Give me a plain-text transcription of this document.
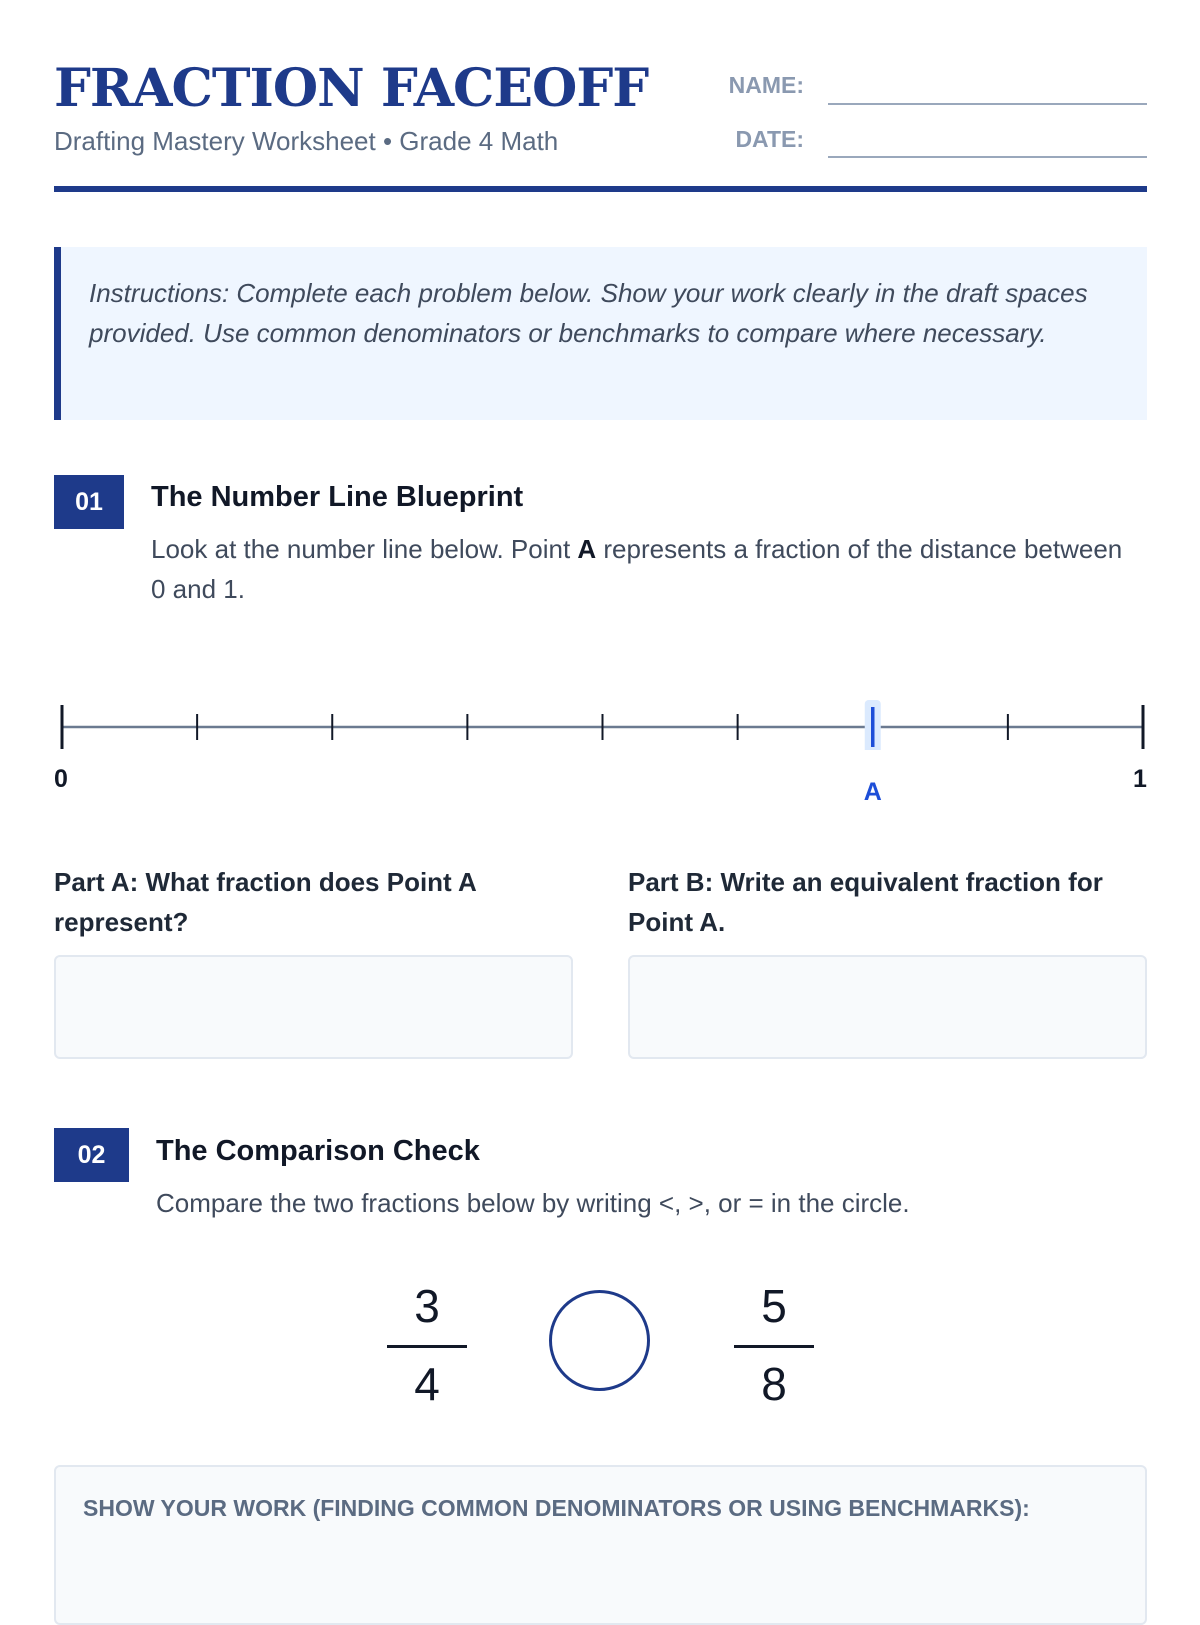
FRACTION FACEOFF
Drafting Mastery Worksheet • Grade 4 Math
NAME:
DATE:
Instructions: Complete each problem below. Show your work clearly in the draft spaces provided. Use common denominators or benchmarks to compare where necessary.
01	The Number Line Blueprint
Look at the number line below. Point A represents a fraction of the distance between 0 and 1.
0	1
A
Part A: What fraction does Point A represent?
Part B: Write an equivalent fraction for Point A.
02	The Comparison Check
Compare the two fractions below by writing <, >, or = in the circle.
3
4
5
8
SHOW YOUR WORK (FINDING COMMON DENOMINATORS OR USING BENCHMARKS):
